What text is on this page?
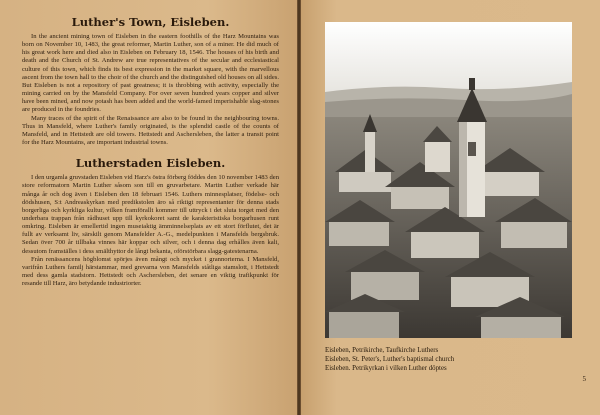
Luther's Town, Eisleben.

In the ancient mining town of Eisleben in the eastern foothills of the Harz Mountains was born on November 10, 1483, the great reformer, Martin Luther, son of a miner. He did much of his great work here and died also in Eisleben on February 18, 1546. The houses of his birth and death and the Church of St. Andrew are true representatives of the secular and ecclesiastical culture of this town, which finds its best expression in the market square, with the marvellous ascent from the town hall to the choir of the church and the distinguished old houses on all sides. But Eisleben is not a repository of past greatness; it is throbbing with activity, especially the mining carried on by the Mansfeld Company. For over seven hundred years copper and silver have been mined, and now potash has been added and the world-famed imperishable slag-stones are produced in the foundries.

Many traces of the spirit of the Renaissance are also to be found in the neighbouring towns. Thus in Mansfeld, where Luther's family originated, is the splendid castle of the counts of Mansfeld, and in Hettstedt are old towers. Hettstedt and Aschersleben, the latter a transit point for the Harz Mountains, are important industrial towns.

Lutherstaden Eisleben.

I den urgamla gruvstaden Eisleben vid Harz's östra förberg föddes den 10 november 1483 den store reformatorn Martin Luther såsom son till en gruvarbetare. Martin Luther verkade här många år och dog även i Eisleben den 18 februari 1546. Luthers minnesplatser, födelse- och dödshusen, S:t Andreaskyrkan med predikstolen äro så riktigt representanter för denna stads borgerliga och kyrkliga kultur, vilken framförallt kommer till uttryck i det sluta torget med den underbara trappan från rådhuset upp till kyrkokoret samt de karakteristiska borgarhusen runt omkring. Eisleben är emellertid ingen museiaktig ämminnelseplats av ett stort förflutet, det är fullt av verksamt liv, särskilt genom Mansfelder A.-G., medelpunkten i Mansfelds bergsbruk. Sedan över 700 år tillbaka vinnes här koppar och silver, och i denna dag erhålles även kali, dessutom framställes i dess smälthyttor de långt bekanta, oförstörbara slagg-gatestenarna.

Från renässancens högblomst spörjes även mångt och mycket i grannorterna. I Mansfeld, varifrån Luthers familj härstammar, med grevarna von Mansfelds ståtliga stamslott, i Hettstedt med dess gamla stadstorn. Hettstedt och Aschersleben, det senare en viktig trafikpunkt för resande till Harz, äro betydande industriorter.

Eisleben, Petrikirche, Taufkirche Luthers
Eisleben, St. Peter's, Luther's baptismal church
Eisleben. Petrikyrkan i vilken Luther döptes
5
